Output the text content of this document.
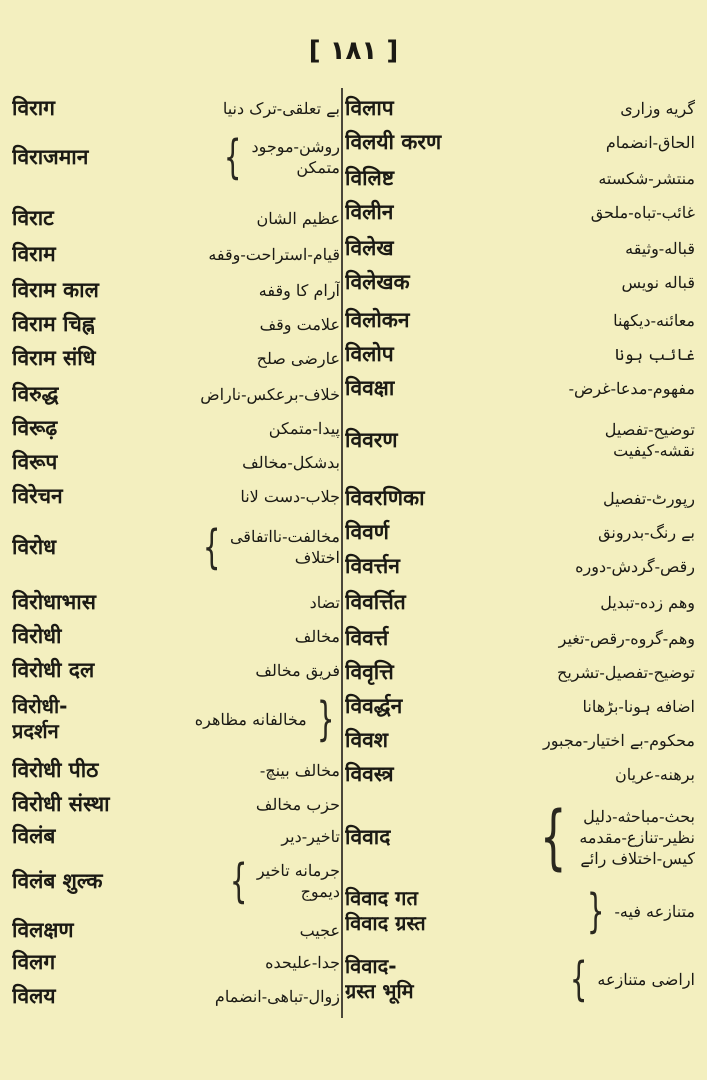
[ ١٨١ ]
विराग	بے تعلقی-ترک دنیا
विराजमान	{ روشن-موجود
متمکن
विराट	عظیم الشان
विराम	قیام-استراحت-وقفه
विराम काल	آرام کا وقفه
विराम चिह्न	علامت وقف
विराम संधि	عارضی صلح
विरुद्ध	خلاف-برعکس-ناراض
विरूढ़	پیدا-متمکن
विरूप	بدشکل-مخالف
विरेचन	جلاب-دست لانا
विरोध	{ مخالفت-نااتفاقی
اختلاف
विरोधाभास	تضاد
विरोधी	مخالف
विरोधी दल	فریق مخالف
विरोधी-
प्रदर्शन	مخالفانه مظاهره }
विरोधी पीठ	مخالف بینچ-
विरोधी संस्था	حزب مخالف
विलंब	تاخیر-دیر
विलंब शुल्क	{ جرمانه تاخیر
دیموج
विलक्षण	عجیب
विलग	جدا-علیحده
विलय	زوال-تباهی-انضمام
विलाप	گریه وزاری
विलयी करण	الحاق-انضمام
विलिष्ट	منتشر-شکسته
विलीन	غائب-تباه-ملحق
विलेख	قباله-وثیقه
विलेखक	قباله نویس
विलोकन	معائنه-دیکھنا
विलोप	غائب ہونا
विवक्षा	مفهوم-مدعا-غرض-
विवरण	توضیح-تفصیل
نقشه-کیفیت
विवरणिका	رپورٹ-تفصیل
विवर्ण	بے رنگ-بدرونق
विवर्त्तन	رقص-گردش-دوره
विवर्त्तित	وهم زده-تبدیل
विवर्त्त	وهم-گروه-رقص-تغیر
विवृत्ति	توضیح-تفصیل-تشریح
विवर्द्धन	اضافه ہونا-بڑھانا
विवश	محکوم-بے اختیار-مجبور
विवस्त्र	برهنه-عریان
विवाद { بحث-مباحثه-دلیل
نظیر-تنازع-مقدمه
کیس-اختلاف رائے
विवाद गत
विवाद ग्रस्त	} متنازعه فیه-
विवाद-
ग्रस्त भूमि	{ اراضی متنازعه
